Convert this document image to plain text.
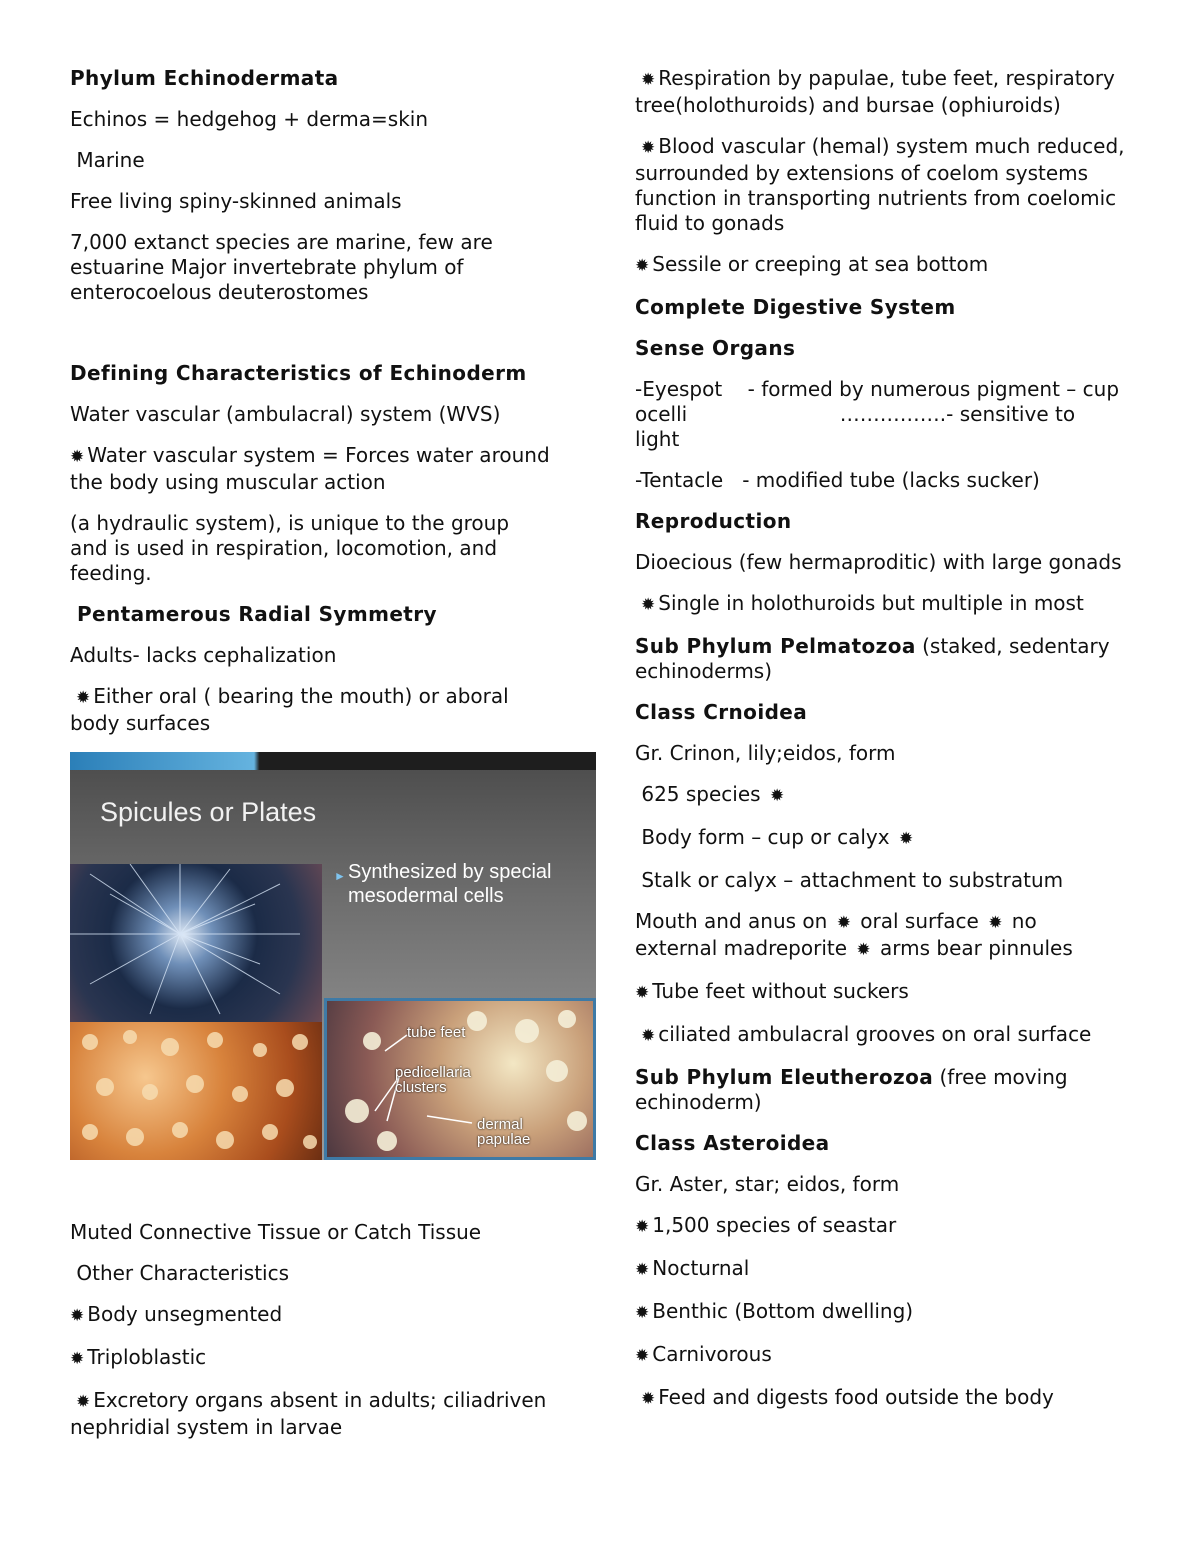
Phylum Echinodermata

Echinos = hedgehog + derma=skin

Marine

Free living spiny-skinned animals

7,000 extanct species are marine, few are estuarine Major invertebrate phylum of enterocoelous deuterostomes

Defining Characteristics of Echinoderm

Water vascular (ambulacral) system (WVS)

✹ Water vascular system = Forces water around the body using muscular action

(a hydraulic system), is unique to the group and is used in respiration, locomotion, and feeding.

Pentamerous Radial Symmetry

Adults- lacks cephalization

✹ Either oral ( bearing the mouth) or aboral body surfaces

Spicules or Plates
► Synthesized by special mesodermal cells
tube feet
pedicellaria clusters
dermal papulae

Muted Connective Tissue or Catch Tissue

Other Characteristics

✹ Body unsegmented

✹ Triploblastic

✹ Excretory organs absent in adults; ciliadriven nephridial system in larvae

✹ Respiration by papulae, tube feet, respiratory tree(holothuroids) and bursae (ophiuroids)

✹ Blood vascular (hemal) system much reduced, surrounded by extensions of coelom systems function in transporting nutrients from coelomic fluid to gonads

✹ Sessile or creeping at sea bottom

Complete Digestive System

Sense Organs

-Eyespot    - formed by numerous pigment – cup ocelli                        …………….- sensitive to light

-Tentacle   - modified tube (lacks sucker)

Reproduction

Dioecious (few hermaproditic) with large gonads

✹ Single in holothuroids but multiple in most

Sub Phylum Pelmatozoa (staked, sedentary echinoderms)

Class Crnoidea

Gr. Crinon, lily;eidos, form

625 species ✹

Body form – cup or calyx ✹

Stalk or calyx – attachment to substratum

Mouth and anus on ✹ oral surface ✹ no external madreporite ✹ arms bear pinnules

✹ Tube feet without suckers

✹ ciliated ambulacral grooves on oral surface

Sub Phylum Eleutherozoa (free moving echinoderm)

Class Asteroidea

Gr. Aster, star; eidos, form

✹ 1,500 species of seastar

✹ Nocturnal

✹ Benthic (Bottom dwelling)

✹ Carnivorous

✹ Feed and digests food outside the body
